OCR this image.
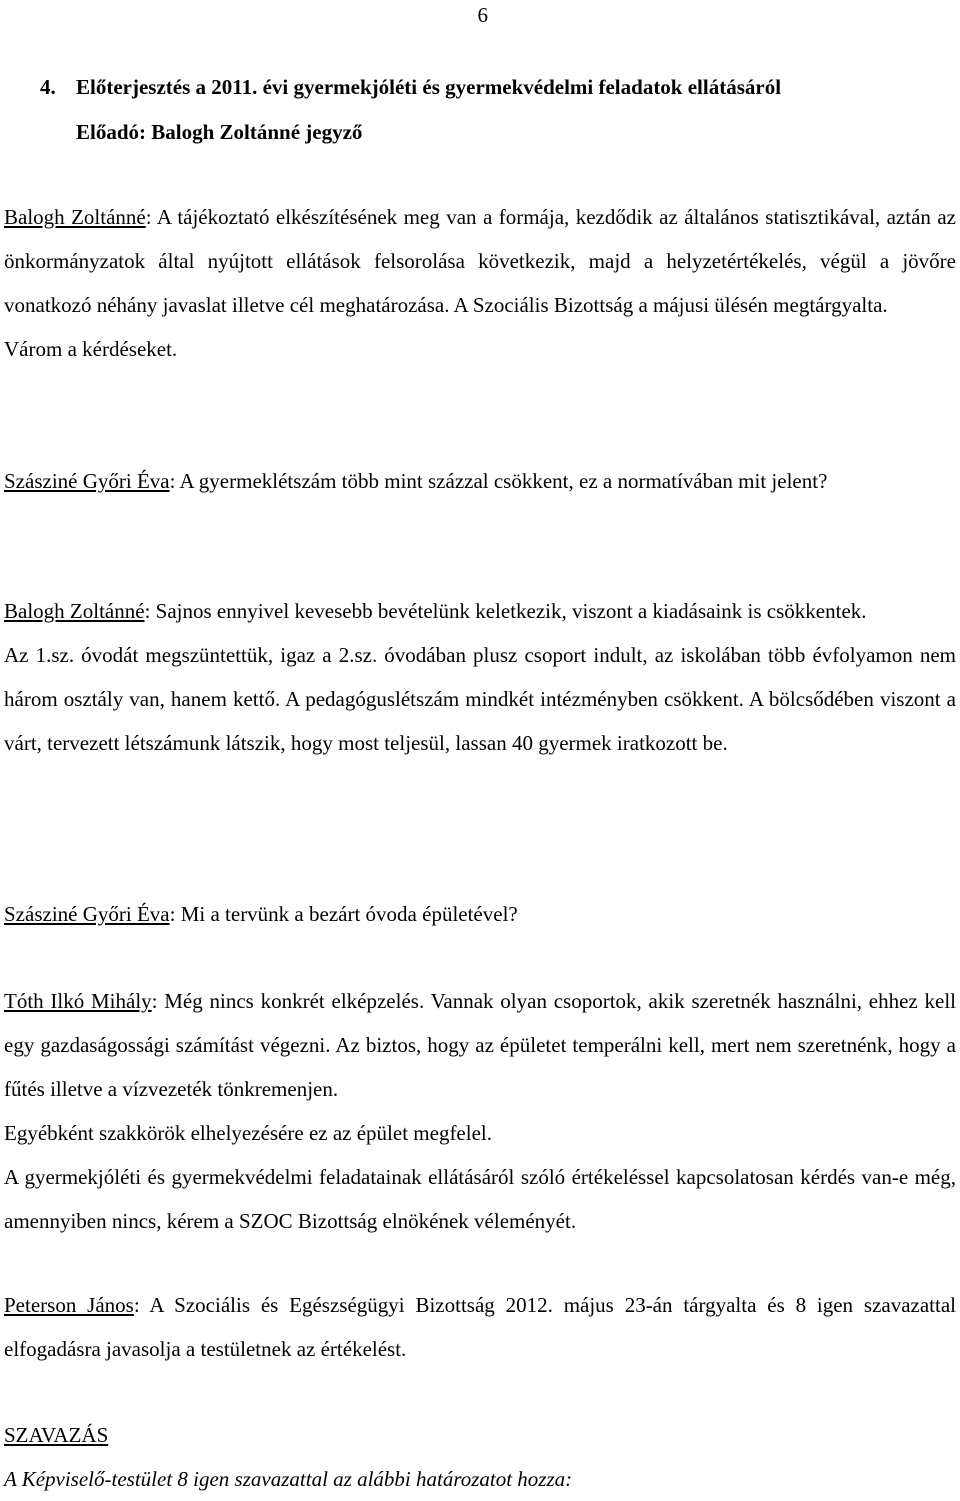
6
4. Előterjesztés a 2011. évi gyermekjóléti és gyermekvédelmi feladatok ellátásáról
Előadó: Balogh Zoltánné jegyző

Balogh Zoltánné: A tájékoztató elkészítésének meg van a formája, kezdődik az általános statisztikával, aztán az önkormányzatok által nyújtott ellátások felsorolása következik, majd a helyzetértékelés, végül a jövőre vonatkozó néhány javaslat illetve cél meghatározása. A Szociális Bizottság a májusi ülésén megtárgyalta.

Várom a kérdéseket.

Szásziné Győri Éva: A gyermeklétszám több mint százzal csökkent, ez a normatívában mit jelent?

Balogh Zoltánné: Sajnos ennyivel kevesebb bevételünk keletkezik, viszont a kiadásaink is csökkentek.

Az 1.sz. óvodát megszüntettük, igaz a 2.sz. óvodában plusz csoport indult, az iskolában több évfolyamon nem három osztály van, hanem kettő. A pedagóguslétszám mindkét intézményben csökkent. A bölcsődében viszont a várt, tervezett létszámunk látszik, hogy most teljesül, lassan 40 gyermek iratkozott be.

Szásziné Győri Éva: Mi a tervünk a bezárt óvoda épületével?

Tóth Ilkó Mihály: Még nincs konkrét elképzelés. Vannak olyan csoportok, akik szeretnék használni, ehhez kell egy gazdaságossági számítást végezni. Az biztos, hogy az épületet temperálni kell, mert nem szeretnénk, hogy a fűtés illetve a vízvezeték tönkremenjen.

Egyébként szakkörök elhelyezésére ez az épület megfelel.

A gyermekjóléti és gyermekvédelmi feladatainak ellátásáról szóló értékeléssel kapcsolatosan kérdés van-e még, amennyiben nincs, kérem a SZOC Bizottság elnökének véleményét.

Peterson János: A Szociális és Egészségügyi Bizottság 2012. május 23-án tárgyalta és 8 igen szavazattal elfogadásra javasolja a testületnek az értékelést.

SZAVAZÁS

A Képviselő-testület 8 igen szavazattal az alábbi határozatot hozza:
